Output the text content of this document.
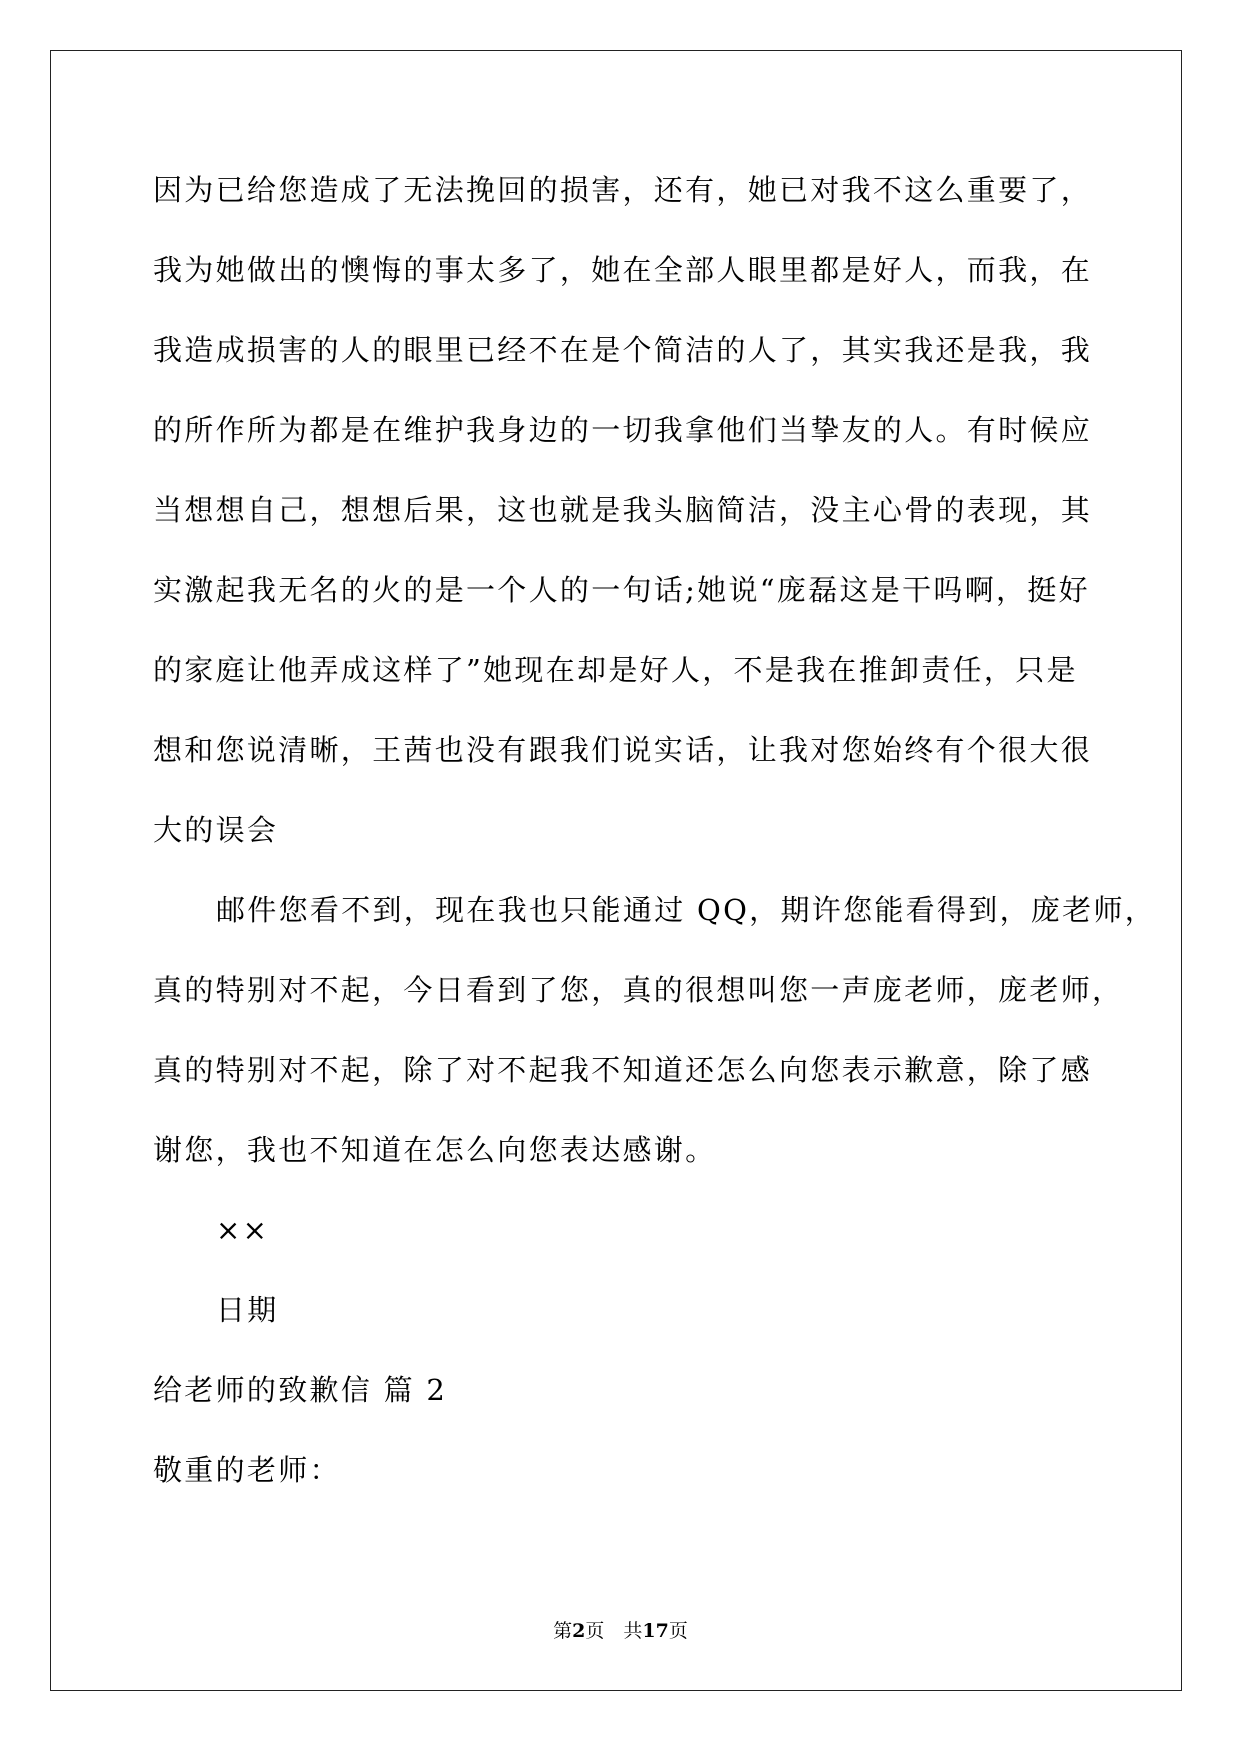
因为已给您造成了无法挽回的损害，还有，她已对我不这么重要了，
我为她做出的懊悔的事太多了，她在全部人眼里都是好人，而我，在
我造成损害的人的眼里已经不在是个简洁的人了，其实我还是我，我
的所作所为都是在维护我身边的一切我拿他们当挚友的人。有时候应
当想想自己，想想后果，这也就是我头脑简洁，没主心骨的表现，其
实激起我无名的火的是一个人的一句话;她说“庞磊这是干吗啊，挺好
的家庭让他弄成这样了”她现在却是好人，不是我在推卸责任，只是
想和您说清晰，王茜也没有跟我们说实话，让我对您始终有个很大很
大的误会
邮件您看不到，现在我也只能通过 QQ，期许您能看得到，庞老师，
真的特别对不起，今日看到了您，真的很想叫您一声庞老师，庞老师，
真的特别对不起，除了对不起我不知道还怎么向您表示歉意，除了感
谢您，我也不知道在怎么向您表达感谢。
××
日期
给老师的致歉信 篇 2
敬重的老师：
第2页　共17页
